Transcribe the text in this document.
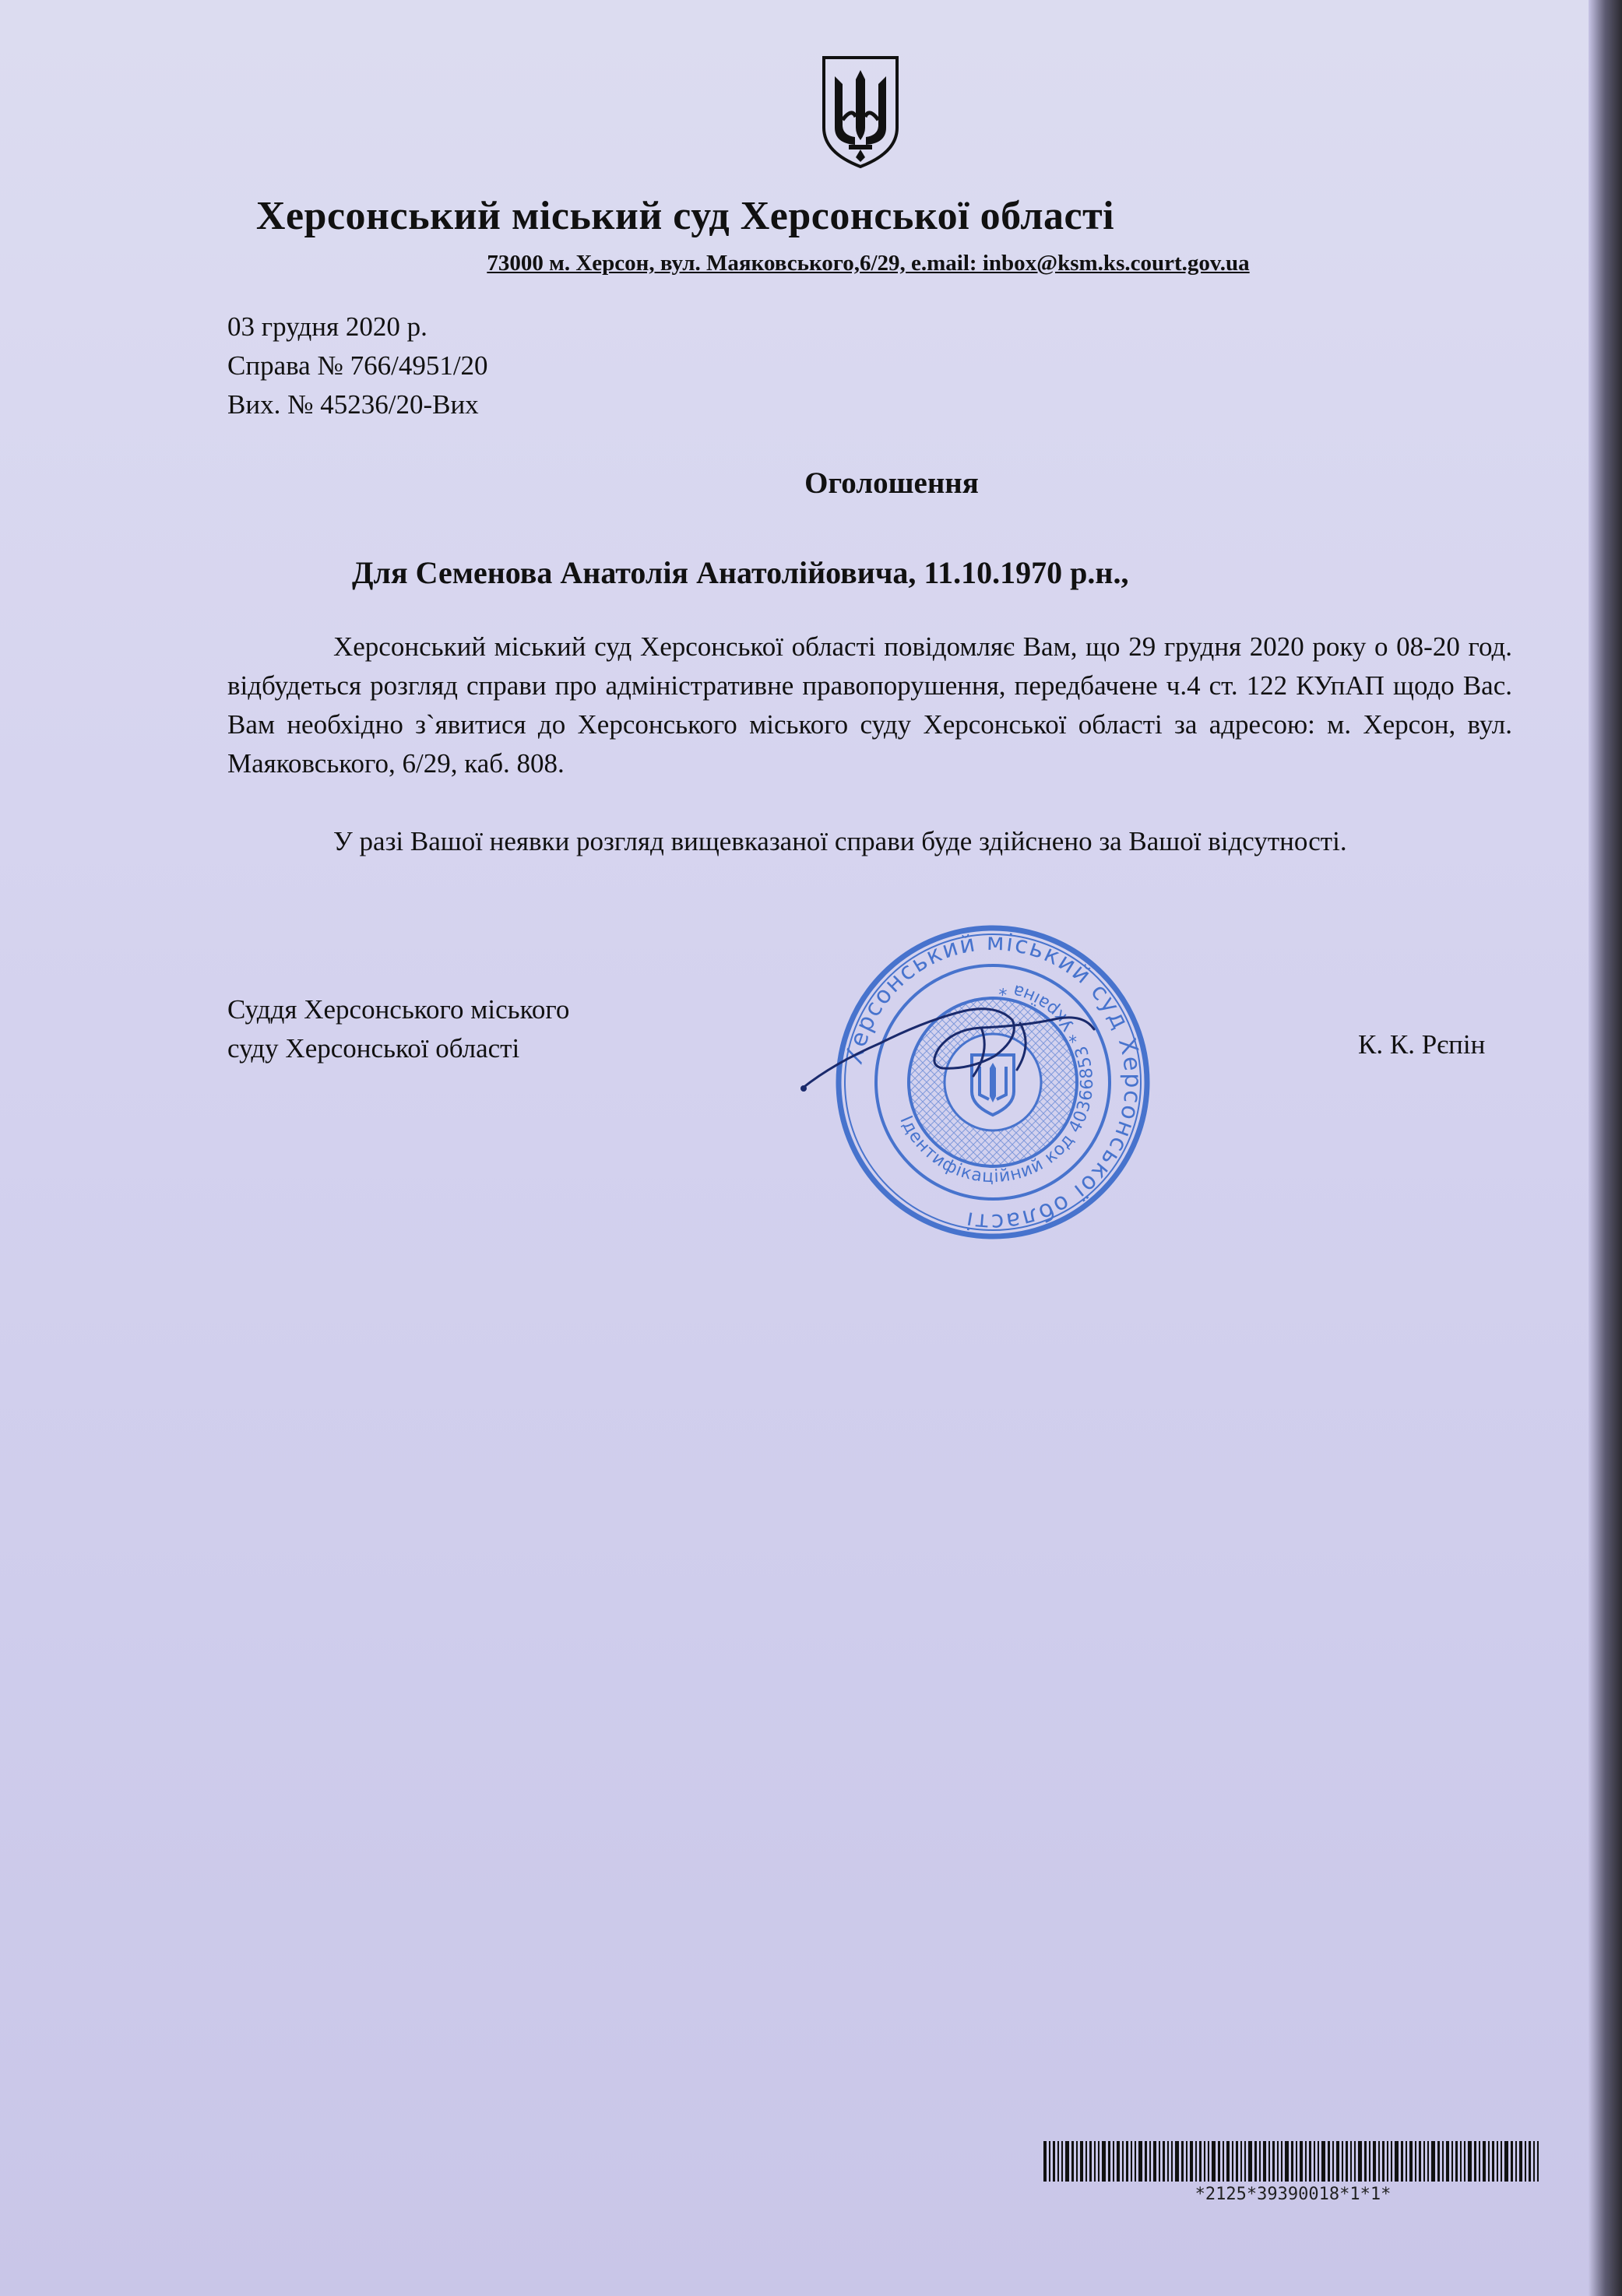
Херсонський міський суд Херсонської області
73000 м. Херсон, вул. Маяковського,6/29, e.mail: inbox@ksm.ks.court.gov.ua
03 грудня 2020 р.
Справа № 766/4951/20
Вих. № 45236/20-Вих
Оголошення
Для Семенова Анатолія Анатолійовича, 11.10.1970 р.н.,
Херсонський міський суд Херсонської області повідомляє Вам, що 29 грудня 2020 року о 08-20 год. відбудеться розгляд справи про адміністративне правопорушення, передбачене ч.4 ст. 122 КУпАП щодо Вас. Вам необхідно з`явитися до Херсонського міського суду Херсонської області за адресою: м. Херсон, вул. Маяковського, 6/29, каб. 808.
У разі Вашої неявки розгляд вищевказаної справи буде здійснено за Вашої відсутності.
Суддя Херсонського міського
суду Херсонської області	К. К. Рєпін
Херсонський міський суд Херсонської області
Ідентифікаційний код 40366853 * Україна *
*2125*39390018*1*1*
